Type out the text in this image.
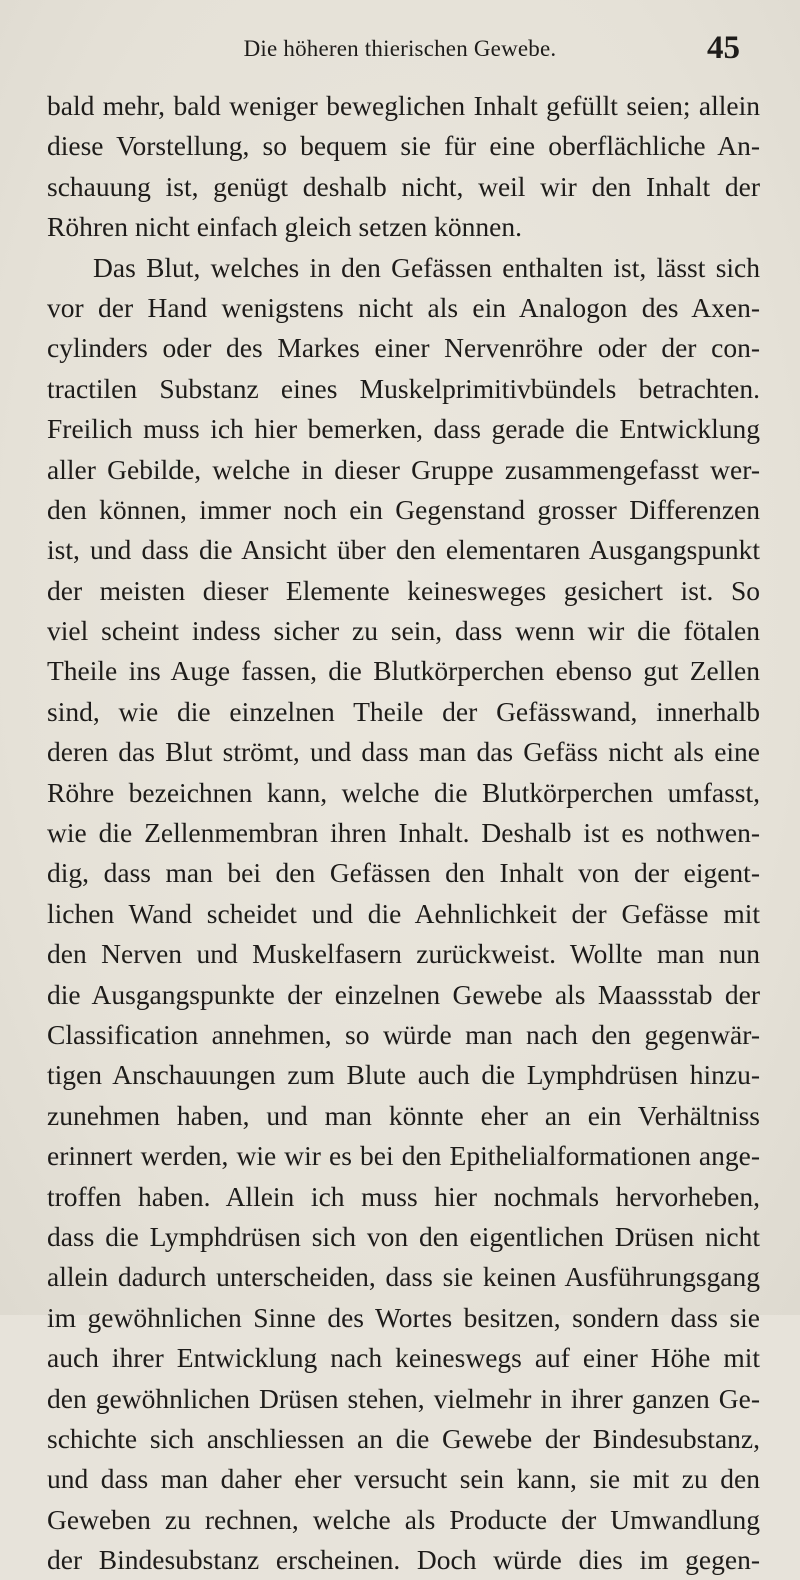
Die höheren thierischen Gewebe.	45
bald mehr, bald weniger beweglichen Inhalt gefüllt seien; allein
diese Vorstellung, so bequem sie für eine oberflächliche An-
schauung ist, genügt deshalb nicht, weil wir den Inhalt der
Röhren nicht einfach gleich setzen können.
Das Blut, welches in den Gefässen enthalten ist, lässt sich
vor der Hand wenigstens nicht als ein Analogon des Axen-
cylinders oder des Markes einer Nervenröhre oder der con-
tractilen Substanz eines Muskelprimitivbündels betrachten.
Freilich muss ich hier bemerken, dass gerade die Entwicklung
aller Gebilde, welche in dieser Gruppe zusammengefasst wer-
den können, immer noch ein Gegenstand grosser Differenzen
ist, und dass die Ansicht über den elementaren Ausgangspunkt
der meisten dieser Elemente keinesweges gesichert ist. So
viel scheint indess sicher zu sein, dass wenn wir die fötalen
Theile ins Auge fassen, die Blutkörperchen ebenso gut Zellen
sind, wie die einzelnen Theile der Gefässwand, innerhalb
deren das Blut strömt, und dass man das Gefäss nicht als eine
Röhre bezeichnen kann, welche die Blutkörperchen umfasst,
wie die Zellenmembran ihren Inhalt. Deshalb ist es nothwen-
dig, dass man bei den Gefässen den Inhalt von der eigent-
lichen Wand scheidet und die Aehnlichkeit der Gefässe mit
den Nerven und Muskelfasern zurückweist. Wollte man nun
die Ausgangspunkte der einzelnen Gewebe als Maassstab der
Classification annehmen, so würde man nach den gegenwär-
tigen Anschauungen zum Blute auch die Lymphdrüsen hinzu-
zunehmen haben, und man könnte eher an ein Verhältniss
erinnert werden, wie wir es bei den Epithelialformationen ange-
troffen haben. Allein ich muss hier nochmals hervorheben,
dass die Lymphdrüsen sich von den eigentlichen Drüsen nicht
allein dadurch unterscheiden, dass sie keinen Ausführungsgang
im gewöhnlichen Sinne des Wortes besitzen, sondern dass sie
auch ihrer Entwicklung nach keineswegs auf einer Höhe mit
den gewöhnlichen Drüsen stehen, vielmehr in ihrer ganzen Ge-
schichte sich anschliessen an die Gewebe der Bindesubstanz,
und dass man daher eher versucht sein kann, sie mit zu den
Geweben zu rechnen, welche als Producte der Umwandlung
der Bindesubstanz erscheinen. Doch würde dies im gegen-
